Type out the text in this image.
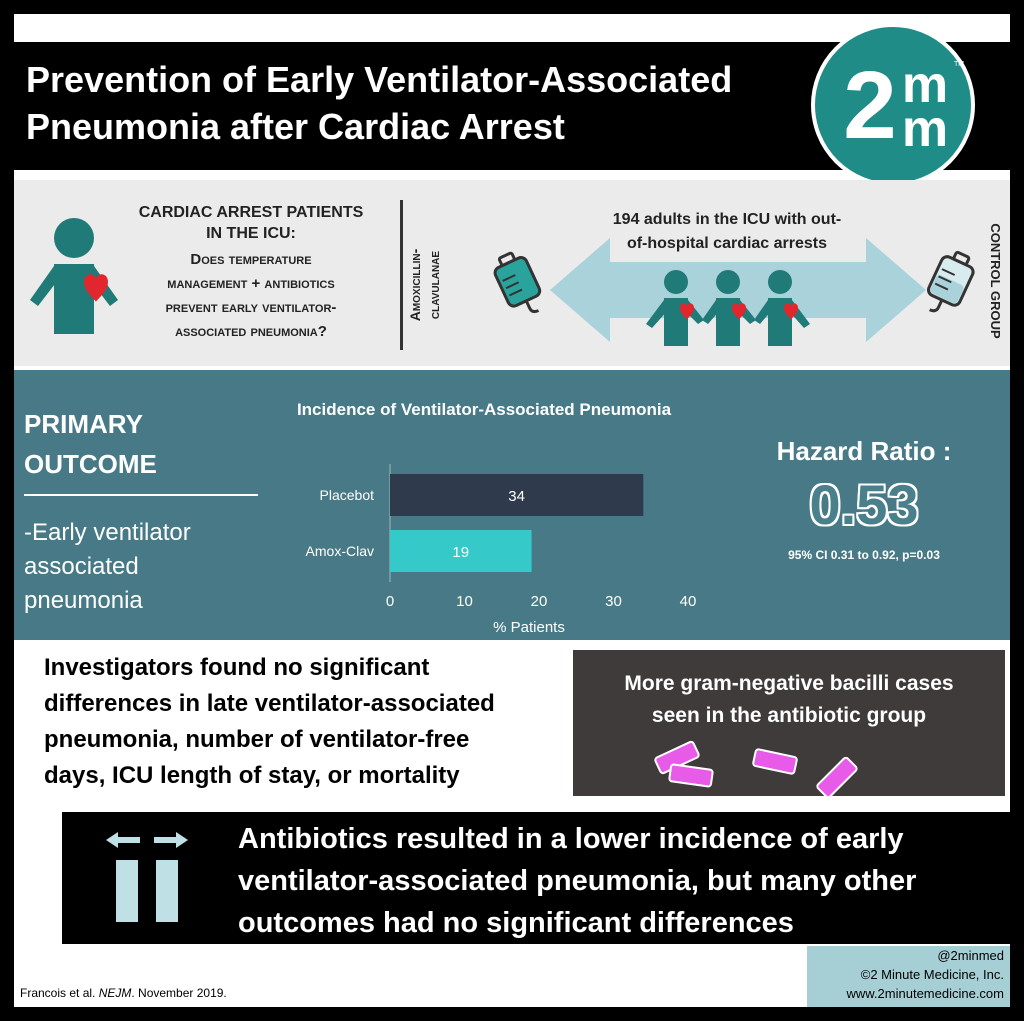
Prevention of Early Ventilator-Associated
Pneumonia after Cardiac Arrest	2 m
m
TM
CARDIAC ARREST PATIENTS
IN THE ICU:
Does temperature
management + antibiotics
prevent early ventilator-
associated pneumonia?
Amoxicillin- clavulanae	CONTROL GROUP
194 adults in the ICU with out-
of-hospital cardiac arrests
PRIMARY
OUTCOME
-Early ventilator
associated
pneumonia
Incidence of Ventilator-Associated Pneumonia
Placebot	34
Amox-Clav	19
0	10	20	30	40
% Patients
Hazard Ratio :
0.53
95% CI 0.31 to 0.92, p=0.03
Investigators found no significant
differences in late ventilator-associated
pneumonia, number of ventilator-free
days, ICU length of stay, or mortality
More gram-negative bacilli cases
seen in the antibiotic group
Antibiotics resulted in a lower incidence of early
ventilator-associated pneumonia, but many other
outcomes had no significant differences
Francois et al. NEJM. November 2019.
@2minmed
©2 Minute Medicine, Inc.
www.2minutemedicine.com
